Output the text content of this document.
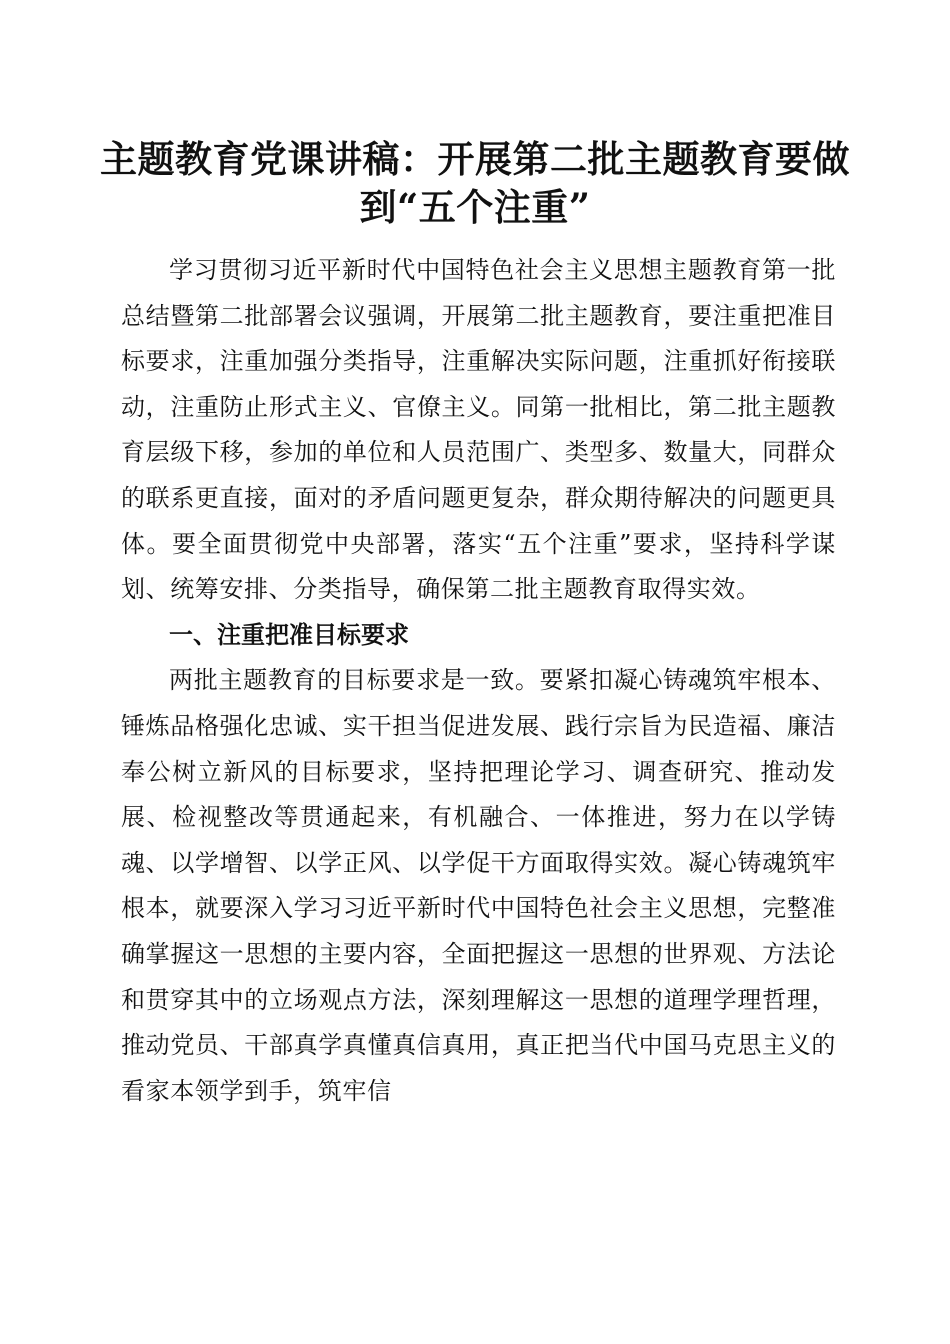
主题教育党课讲稿：开展第二批主题教育要做
到“五个注重”

学习贯彻习近平新时代中国特色社会主义思想主题教育第一批总结暨第二批部署会议强调，开展第二批主题教育，要注重把准目标要求，注重加强分类指导，注重解决实际问题，注重抓好衔接联动，注重防止形式主义、官僚主义。同第一批相比，第二批主题教育层级下移，参加的单位和人员范围广、类型多、数量大，同群众的联系更直接，面对的矛盾问题更复杂，群众期待解决的问题更具体。要全面贯彻党中央部署，落实“五个注重”要求，坚持科学谋划、统筹安排、分类指导，确保第二批主题教育取得实效。

一、注重把准目标要求

两批主题教育的目标要求是一致。要紧扣凝心铸魂筑牢根本、锤炼品格强化忠诚、实干担当促进发展、践行宗旨为民造福、廉洁奉公树立新风的目标要求，坚持把理论学习、调查研究、推动发展、检视整改等贯通起来，有机融合、一体推进，努力在以学铸魂、以学增智、以学正风、以学促干方面取得实效。凝心铸魂筑牢根本，就要深入学习习近平新时代中国特色社会主义思想，完整准确掌握这一思想的主要内容，全面把握这一思想的世界观、方法论和贯穿其中的立场观点方法，深刻理解这一思想的道理学理哲理，推动党员、干部真学真懂真信真用，真正把当代中国马克思主义的看家本领学到手，筑牢信
